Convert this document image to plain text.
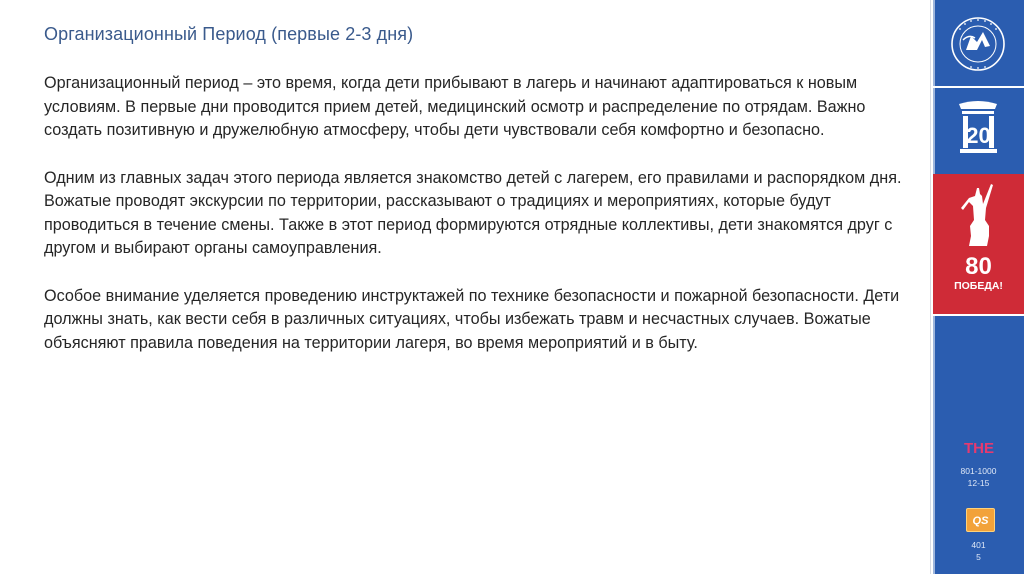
Организационный Период (первые 2-3 дня)

Организационный период – это время, когда дети прибывают в лагерь и начинают адаптироваться к новым условиям. В первые дни проводится прием детей, медицинский осмотр и распределение по отрядам. Важно создать позитивную и дружелюбную атмосферу, чтобы дети чувствовали себя комфортно и безопасно.

Одним из главных задач этого периода является знакомство детей с лагерем, его правилами и распорядком дня. Вожатые проводят экскурсии по территории, рассказывают о традициях и мероприятиях, которые будут проводиться в течение смены. Также в этот период формируются отрядные коллективы, дети знакомятся друг с другом и выбирают органы самоуправления.

Особое внимание уделяется проведению инструктажей по технике безопасности и пожарной безопасности. Дети должны знать, как вести себя в различных ситуациях, чтобы избежать травм и несчастных случаев. Вожатые объясняют правила поведения на территории лагеря, во время мероприятий и в быту.

20
80
ПОБЕДА!
THE
801-1000
12-15
QS
401
5
